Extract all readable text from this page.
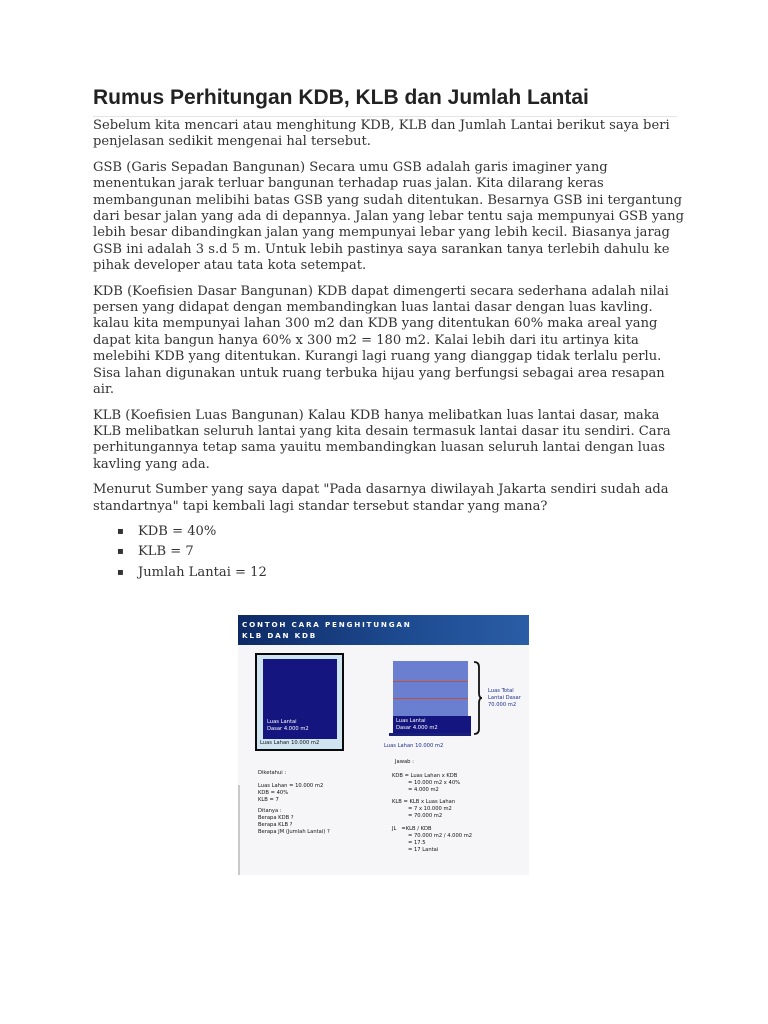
Rumus Perhitungan KDB, KLB dan Jumlah Lantai

Sebelum kita mencari atau menghitung KDB, KLB dan Jumlah Lantai berikut saya beri penjelasan sedikit mengenai hal tersebut.

GSB (Garis Sepadan Bangunan) Secara umu GSB adalah garis imaginer yang menentukan jarak terluar bangunan terhadap ruas jalan. Kita dilarang keras membangunan melibihi batas GSB yang sudah ditentukan. Besarnya GSB ini tergantung dari besar jalan yang ada di depannya. Jalan yang lebar tentu saja mempunyai GSB yang lebih besar dibandingkan jalan yang mempunyai lebar yang lebih kecil. Biasanya jarag GSB ini adalah 3 s.d 5 m. Untuk lebih pastinya saya sarankan tanya terlebih dahulu ke pihak developer atau tata kota setempat.

KDB (Koefisien Dasar Bangunan) KDB dapat dimengerti secara sederhana adalah nilai persen yang didapat dengan membandingkan luas lantai dasar dengan luas kavling. kalau kita mempunyai lahan 300 m2 dan KDB yang ditentukan 60% maka areal yang dapat kita bangun hanya 60% x 300 m2 = 180 m2. Kalai lebih dari itu artinya kita melebihi KDB yang ditentukan. Kurangi lagi ruang yang dianggap tidak terlalu perlu. Sisa lahan digunakan untuk ruang terbuka hijau yang berfungsi sebagai area resapan air.

KLB (Koefisien Luas Bangunan) Kalau KDB hanya melibatkan luas lantai dasar, maka KLB melibatkan seluruh lantai yang kita desain termasuk lantai dasar itu sendiri. Cara perhitungannya tetap sama yauitu membandingkan luasan seluruh lantai dengan luas kavling yang ada.

Menurut Sumber yang saya dapat "Pada dasarnya diwilayah Jakarta sendiri sudah ada standartnya" tapi kembali lagi standar tersebut standar yang mana?

▪ KDB = 40%
▪ KLB = 7
▪ Jumlah Lantai = 12
CONTOH CARA PENGHITUNGAN
KLB DAN KDB
Luas Lantai
Dasar 4.000 m2
Luas Lahan 10.000 m2
Luas Lantai
Dasar 4.000 m2
Luas Total
Lantai Dasar
70.000 m2
Luas Lahan 10.000 m2
Diketahui :
Luas Lahan = 10.000 m2
KDB = 40%
KLB = 7
Ditanya :
Berapa KDB ?
Berapa KLB ?
Berapa JM (Jumlah Lantai) ?
Jawab :
KDB = Luas Lahan x KDB
= 10.000 m2 x 40%
= 4.000 m2
KLB = KLB x Luas Lahan
= 7 x 10.000 m2
= 70.000 m2
JL   =KLB / KDB
= 70.000 m2 / 4.000 m2
= 17.5
= 17 Lantai
